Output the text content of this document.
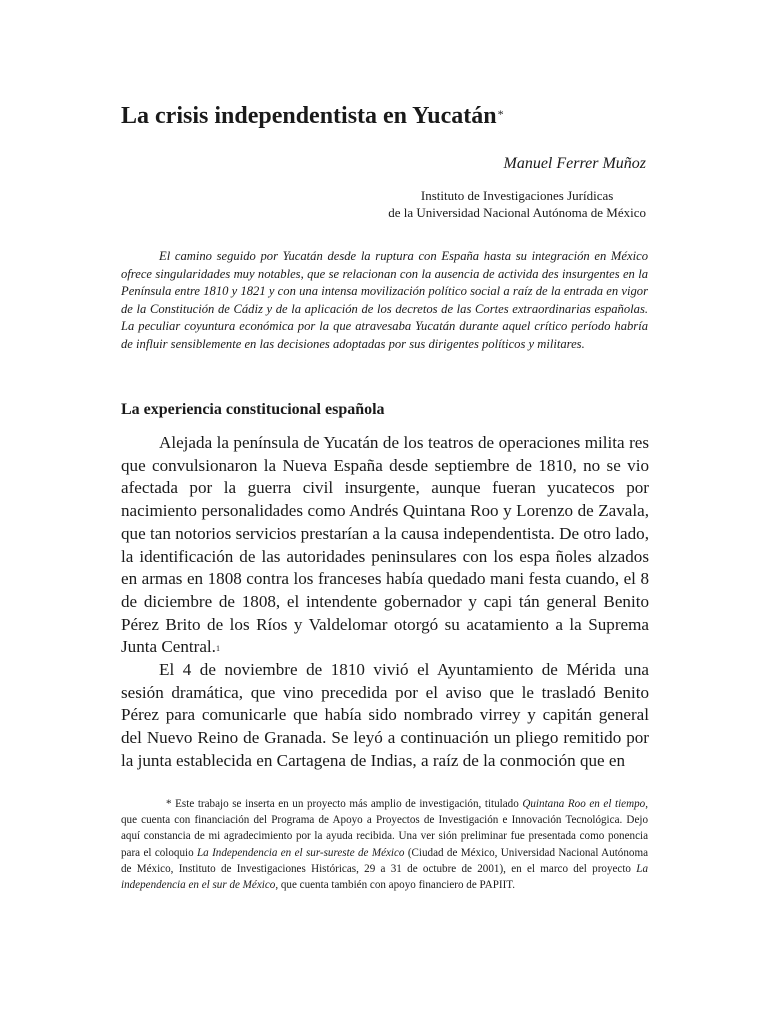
La crisis independentista en Yucatán*
Manuel Ferrer Muñoz
Instituto de Investigaciones Jurídicas
de la Universidad Nacional Autónoma de México

El camino seguido por Yucatán desde la ruptura con España hasta su integración en México ofrece singularidades muy notables, que se relacionan con la ausencia de activida des insurgentes en la Península entre 1810 y 1821 y con una intensa movilización político social a raíz de la entrada en vigor de la Constitución de Cádiz y de la aplicación de los decretos de las Cortes extraordinarias españolas. La peculiar coyuntura económica por la que atravesaba Yucatán durante aquel crítico período habría de influir sensiblemente en las decisiones adoptadas por sus dirigentes políticos y militares.

La experiencia constitucional española

Alejada la península de Yucatán de los teatros de operaciones milita res que convulsionaron la Nueva España desde septiembre de 1810, no se vio afectada por la guerra civil insurgente, aunque fueran yucatecos por nacimiento personalidades como Andrés Quintana Roo y Lorenzo de Zavala, que tan notorios servicios prestarían a la causa independentista. De otro lado, la identificación de las autoridades peninsulares con los espa ñoles alzados en armas en 1808 contra los franceses había quedado mani festa cuando, el 8 de diciembre de 1808, el intendente gobernador y capi tán general Benito Pérez Brito de los Ríos y Valdelomar otorgó su acatamiento a la Suprema Junta Central.$^1$

El 4 de noviembre de 1810 vivió el Ayuntamiento de Mérida una sesión dramática, que vino precedida por el aviso que le trasladó Benito Pérez para comunicarle que había sido nombrado virrey y capitán general del Nuevo Reino de Granada. Se leyó a continuación un pliego remitido por la junta establecida en Cartagena de Indias, a raíz de la conmoción que en

* Este trabajo se inserta en un proyecto más amplio de investigación, titulado Quintana Roo en el tiempo, que cuenta con financiación del Programa de Apoyo a Proyectos de Investigación e Innovación Tecnológica. Dejo aquí constancia de mi agradecimiento por la ayuda recibida. Una ver sión preliminar fue presentada como ponencia para el coloquio La Independencia en el sur-sureste de México (Ciudad de México, Universidad Nacional Autónoma de México, Instituto de Investigaciones Históricas, 29 a 31 de octubre de 2001), en el marco del proyecto La independencia en el sur de México, que cuenta también con apoyo financiero de PAPIIT.
